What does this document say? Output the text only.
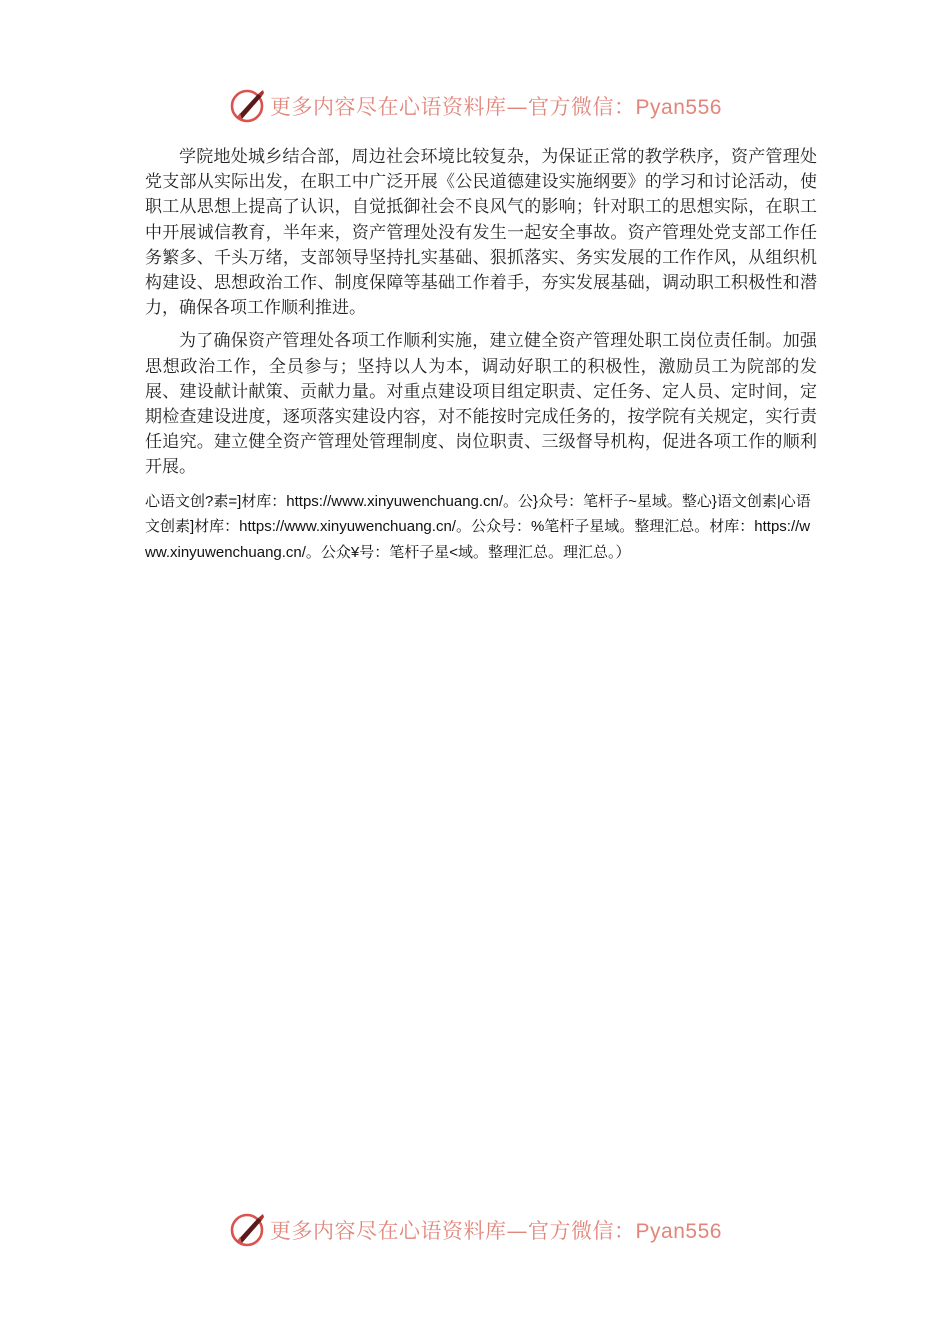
更多内容尽在心语资料库—官方微信：Pyan556

学院地处城乡结合部，周边社会环境比较复杂，为保证正常的教学秩序，资产管理处党支部从实际出发，在职工中广泛开展《公民道德建设实施纲要》的学习和讨论活动，使职工从思想上提高了认识，自觉抵御社会不良风气的影响；针对职工的思想实际，在职工中开展诚信教育，半年来，资产管理处没有发生一起安全事故。资产管理处党支部工作任务繁多、千头万绪，支部领导坚持扎实基础、狠抓落实、务实发展的工作作风，从组织机构建设、思想政治工作、制度保障等基础工作着手，夯实发展基础，调动职工积极性和潜力，确保各项工作顺利推进。

为了确保资产管理处各项工作顺利实施，建立健全资产管理处职工岗位责任制。加强思想政治工作，全员参与；坚持以人为本，调动好职工的积极性，激励员工为院部的发展、建设献计献策、贡献力量。对重点建设项目组定职责、定任务、定人员、定时间，定期检查建设进度，逐项落实建设内容，对不能按时完成任务的，按学院有关规定，实行责任追究。建立健全资产管理处管理制度、岗位职责、三级督导机构，促进各项工作的顺利开展。

心语文创?素=]材库：https://www.xinyuwenchuang.cn/。公}众号：笔杆子~星域。整心}语文创素|心语文创素]材库：https://www.xinyuwenchuang.cn/。公众号：%笔杆子星域。整理汇总。材库：https://www.xinyuwenchuang.cn/。公众¥号：笔杆子星<域。整理汇总。理汇总。）

更多内容尽在心语资料库—官方微信：Pyan556
